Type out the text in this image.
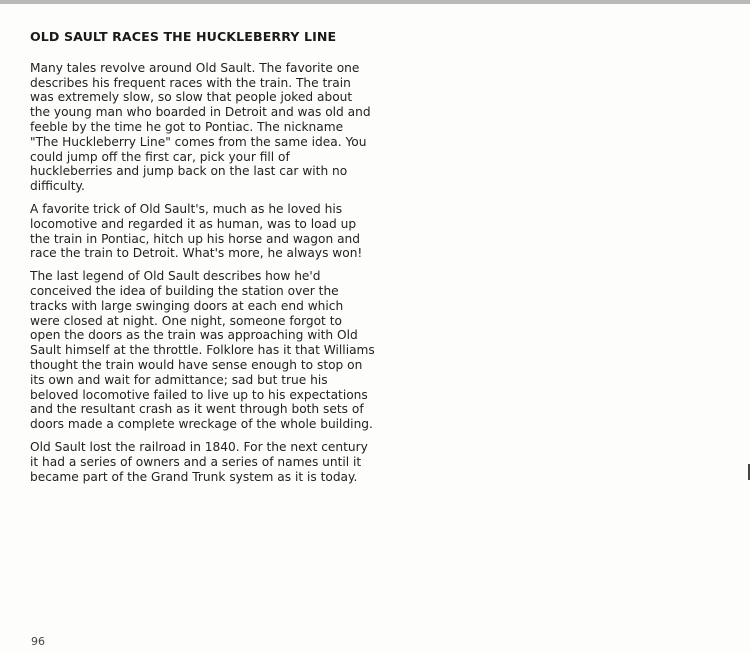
OLD SAULT RACES THE HUCKLEBERRY LINE

Many tales revolve around Old Sault. The favorite one describes his frequent races with the train. The train was extremely slow, so slow that people joked about the young man who boarded in Detroit and was old and feeble by the time he got to Pontiac. The nickname "The Huckleberry Line" comes from the same idea. You could jump off the first car, pick your fill of huckleberries and jump back on the last car with no difficulty.

A favorite trick of Old Sault's, much as he loved his locomotive and regarded it as human, was to load up the train in Pontiac, hitch up his horse and wagon and race the train to Detroit. What's more, he always won!

The last legend of Old Sault describes how he'd conceived the idea of building the station over the tracks with large swinging doors at each end which were closed at night. One night, someone forgot to open the doors as the train was approaching with Old Sault himself at the throttle. Folklore has it that Williams thought the train would have sense enough to stop on its own and wait for admittance; sad but true his beloved locomotive failed to live up to his expectations and the resultant crash as it went through both sets of doors made a complete wreckage of the whole building.

Old Sault lost the railroad in 1840. For the next century it had a series of owners and a series of names until it became part of the Grand Trunk system as it is today.

96
